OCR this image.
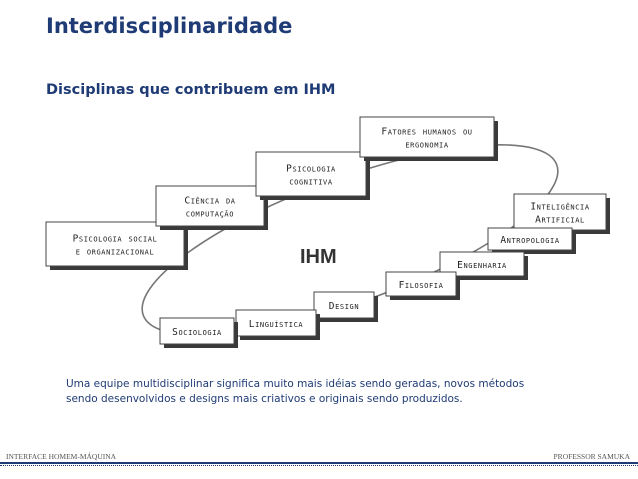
Interdisciplinaridade
Disciplinas que contribuem em IHM
Psicologia social
e organizacional
Ciência da
computação
Psicologia
cognitiva
Fatores humanos ou
ergonomia
Inteligência
Artificial
Antropologia
Engenharia
Filosofia
Design
Linguística
Sociologia
IHM
Uma equipe multidisciplinar significa muito mais idéias sendo geradas, novos métodos
sendo desenvolvidos e designs mais criativos e originais sendo produzidos.
INTERFACE HOMEM-MÁQUINA	PROFESSOR SAMUKA
